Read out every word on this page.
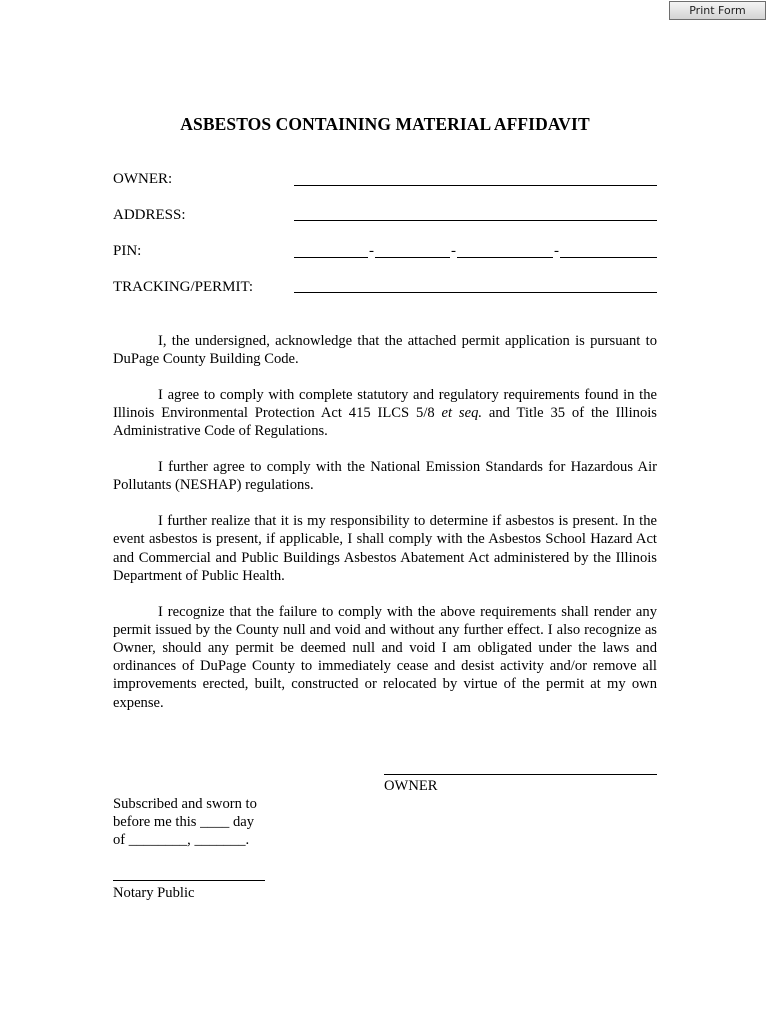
Print Form
ASBESTOS CONTAINING MATERIAL AFFIDAVIT
OWNER:
ADDRESS:
PIN:	-	-	-
TRACKING/PERMIT:

I, the undersigned, acknowledge that the attached permit application is pursuant to DuPage County Building Code.

I agree to comply with complete statutory and regulatory requirements found in the Illinois Environmental Protection Act 415 ILCS 5/8 et seq. and Title 35 of the Illinois Administrative Code of Regulations.

I further agree to comply with the National Emission Standards for Hazardous Air Pollutants (NESHAP) regulations.

I further realize that it is my responsibility to determine if asbestos is present. In the event asbestos is present, if applicable, I shall comply with the Asbestos School Hazard Act and Commercial and Public Buildings Asbestos Abatement Act administered by the Illinois Department of Public Health.

I recognize that the failure to comply with the above requirements shall render any permit issued by the County null and void and without any further effect. I also recognize as Owner, should any permit be deemed null and void I am obligated under the laws and ordinances of DuPage County to immediately cease and desist activity and/or remove all improvements erected, built, constructed or relocated by virtue of the permit at my own expense.

OWNER
Subscribed and sworn to
before me this ____ day
of ________, _______.
Notary Public
